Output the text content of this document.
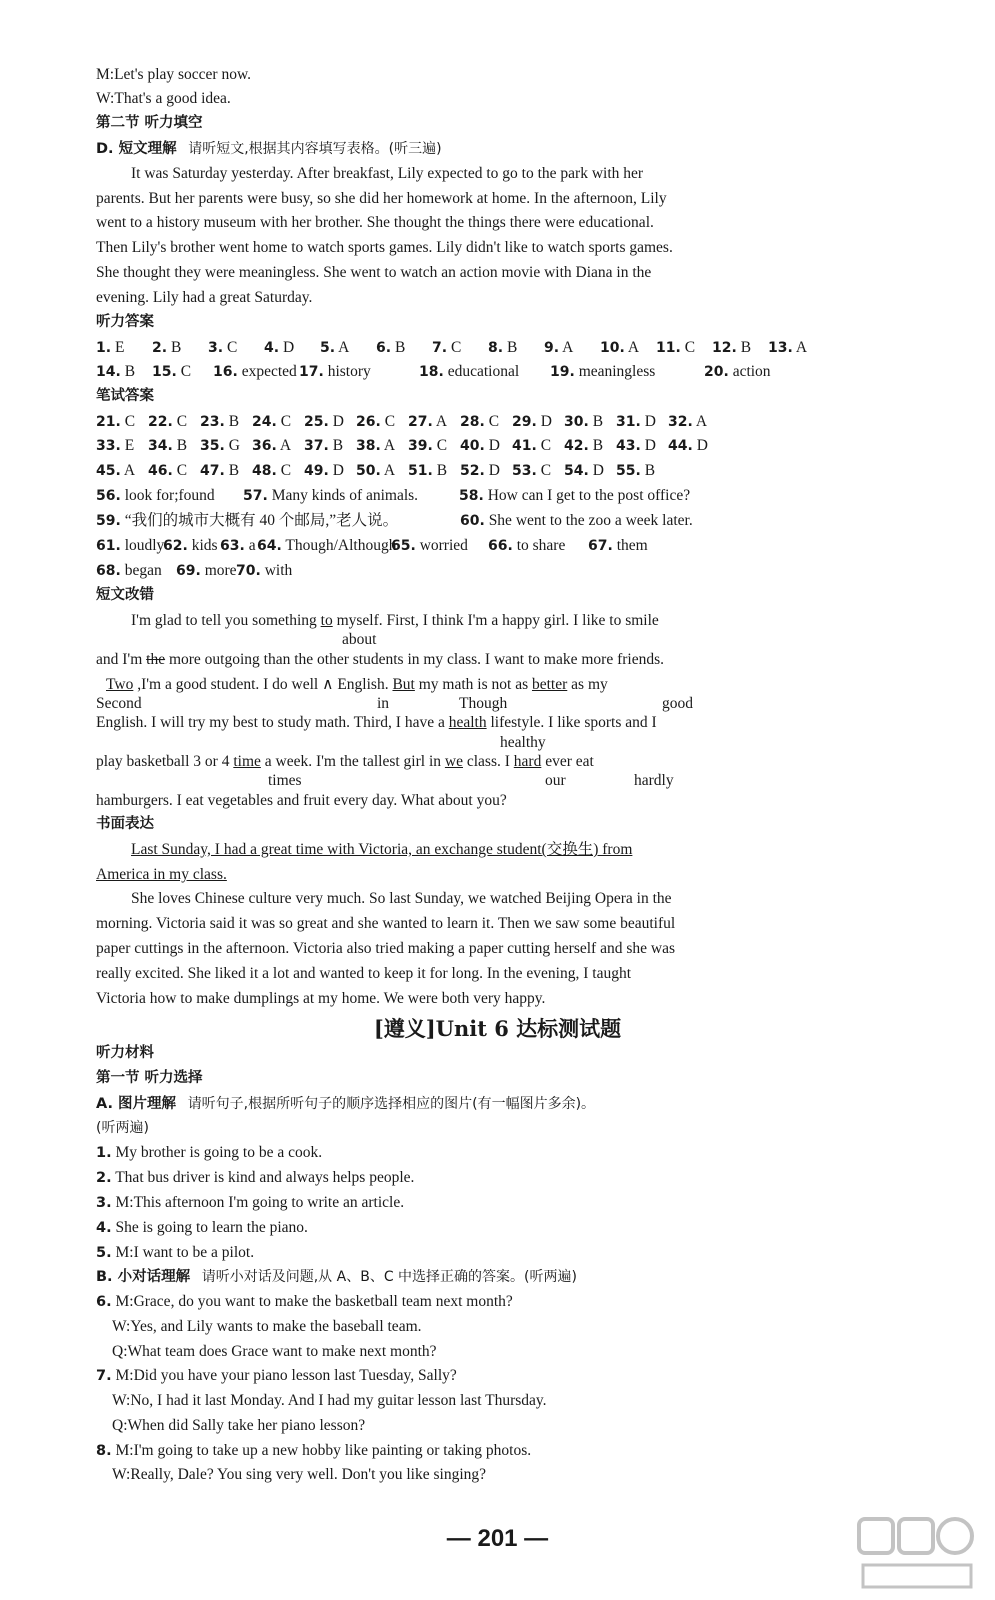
M:Let's play soccer now.
W:That's a good idea.
第二节 听力填空
D. 短文理解 请听短文,根据其内容填写表格。(听三遍)
It was Saturday yesterday. After breakfast, Lily expected to go to the park with her
parents. But her parents were busy, so she did her homework at home. In the afternoon, Lily
went to a history museum with her brother. She thought the things there were educational.
Then Lily's brother went home to watch sports games. Lily didn't like to watch sports games.
She thought they were meaningless. She went to watch an action movie with Diana in the
evening. Lily had a great Saturday.
听力答案
1. E 2. B 3. C 4. D 5. A 6. B 7. C 8. B 9. A 10. A 11. C 12. B 13. A
14. B 15. C 16. expected 17. history	18. educational 19. meaningless	20. action
笔试答案
21. C 22. C 23. B 24. C 25. D 26. C 27. A 28. C 29. D 30. B 31. D 32. A
33. E 34. B 35. G 36. A 37. B 38. A 39. C 40. D 41. C 42. B 43. D 44. D
45. A 46. C 47. B 48. C 49. D 50. A 51. B 52. D 53. C 54. D 55. B
56. look for;found 57. Many kinds of animals.	58. How can I get to the post office?
59. “我们的城市大概有 40 个邮局,”老人说。	60. She went to the zoo a week later.
61. loudly62. kids 63. a64. Though/Although65. worried 66. to share 67. them
68. began 69. more70. with
短文改错
I'm glad to tell you something to myself. First, I think I'm a happy girl. I like to smile
about
and I'm the more outgoing than the other students in my class. I want to make more friends.
Two ,I'm a good student. I do well ∧ English. But my math is not as better as my
Second	in	Though	good
English. I will try my best to study math. Third, I have a health lifestyle. I like sports and I
healthy
play basketball 3 or 4 time a week. I'm the tallest girl in we class. I hard ever eat
times	our	hardly
hamburgers. I eat vegetables and fruit every day. What about you?
书面表达
Last Sunday, I had a great time with Victoria, an exchange student(交换生) from
America in my class.
She loves Chinese culture very much. So last Sunday, we watched Beijing Opera in the
morning. Victoria said it was so great and she wanted to learn it. Then we saw some beautiful
paper cuttings in the afternoon. Victoria also tried making a paper cutting herself and she was
really excited. She liked it a lot and wanted to keep it for long. In the evening, I taught
Victoria how to make dumplings at my home. We were both very happy.
[遵义]Unit 6 达标测试题
听力材料
第一节 听力选择
A. 图片理解 请听句子,根据所听句子的顺序选择相应的图片(有一幅图片多余)。
(听两遍)
1. My brother is going to be a cook.
2. That bus driver is kind and always helps people.
3. M:This afternoon I'm going to write an article.
4. She is going to learn the piano.
5. M:I want to be a pilot.
B. 小对话理解 请听小对话及问题,从 A、B、C 中选择正确的答案。(听两遍)
6. M:Grace, do you want to make the basketball team next month?
W:Yes, and Lily wants to make the baseball team.
Q:What team does Grace want to make next month?
7. M:Did you have your piano lesson last Tuesday, Sally?
W:No, I had it last Monday. And I had my guitar lesson last Thursday.
Q:When did Sally take her piano lesson?
8. M:I'm going to take up a new hobby like painting or taking photos.
W:Really, Dale? You sing very well. Don't you like singing?
— 201 —
